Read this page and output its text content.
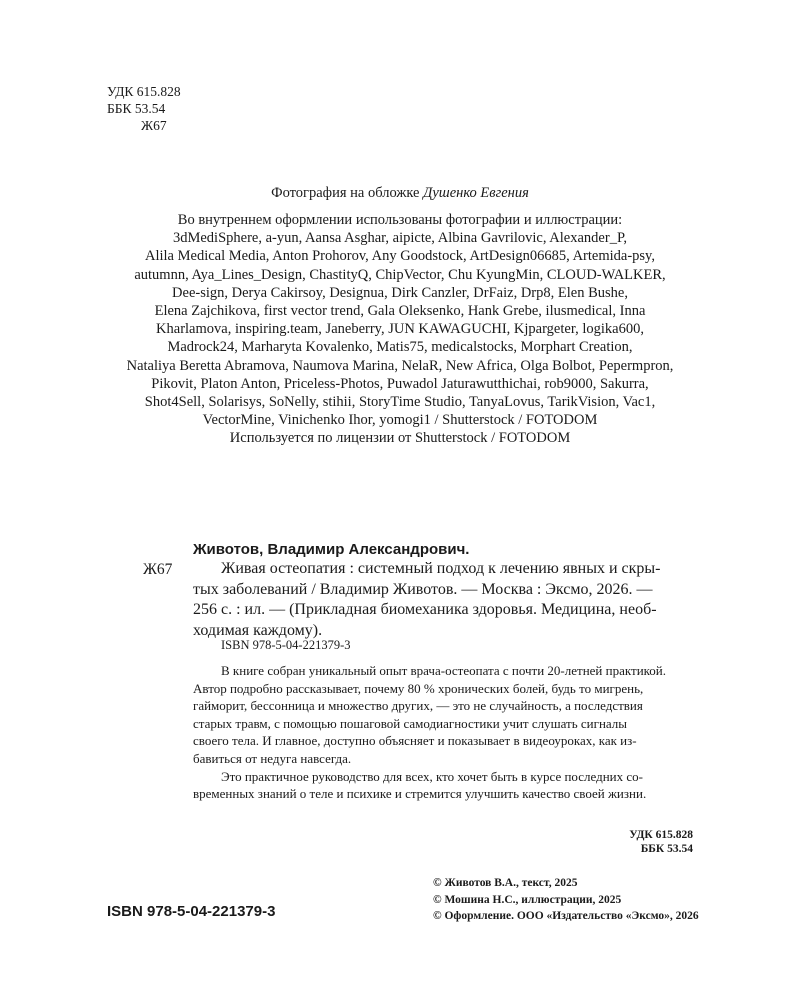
УДК 615.828
ББК 53.54
Ж67
Фотография на обложке Душенко Евгения
Во внутреннем оформлении использованы фотографии и иллюстрации:
3dMediSphere, a-yun, Aansa Asghar, aipicte, Albina Gavrilovic, Alexander_P,
Alila Medical Media, Anton Prohorov, Any Goodstock, ArtDesign06685, Artemida-psy,
autumnn, Aya_Lines_Design, ChastityQ, ChipVector, Chu KyungMin, CLOUD-WALKER,
Dee-sign, Derya Cakirsoy, Designua, Dirk Canzler, DrFaiz, Drp8, Elen Bushe,
Elena Zajchikova, first vector trend, Gala Oleksenko, Hank Grebe, ilusmedical, Inna
Kharlamova, inspiring.team, Janeberry, JUN KAWAGUCHI, Kjpargeter, logika600,
Madrock24, Marharyta Kovalenko, Matis75, medicalstocks, Morphart Creation,
Nataliya Beretta Abramova, Naumova Marina, NelaR, New Africa, Olga Bolbot, Pepermpron,
Pikovit, Platon Anton, Priceless-Photos, Puwadol Jaturawutthichai, rob9000, Sakurra,
Shot4Sell, Solarisys, SoNelly, stihii, StoryTime Studio, TanyaLovus, TarikVision, Vac1,
VectorMine, Vinichenko Ihor, yomogi1 / Shutterstock / FOTODOM
Используется по лицензии от Shutterstock / FOTODOM
Животов, Владимир Александрович.
Ж67	Живая остеопатия : системный подход к лечению явных и скры-
тых заболеваний / Владимир Животов. — Москва : Эксмо, 2026. —
256 с. : ил. — (Прикладная биомеханика здоровья. Медицина, необ-
ходимая каждому).
ISBN 978-5-04-221379-3
В книге собран уникальный опыт врача-остеопата с почти 20-летней практикой.
Автор подробно рассказывает, почему 80 % хронических болей, будь то мигрень,
гайморит, бессонница и множество других, — это не случайность, а последствия
старых травм, с помощью пошаговой самодиагностики учит слушать сигналы
своего тела. И главное, доступно объясняет и показывает в видеоуроках, как из-
бавиться от недуга навсегда.
Это практичное руководство для всех, кто хочет быть в курсе последних со-
временных знаний о теле и психике и стремится улучшить качество своей жизни.
УДК 615.828
ББК 53.54
© Животов В.А., текст, 2025
© Мошина Н.С., иллюстрации, 2025
© Оформление. ООО «Издательство «Эксмо», 2026
ISBN 978-5-04-221379-3
